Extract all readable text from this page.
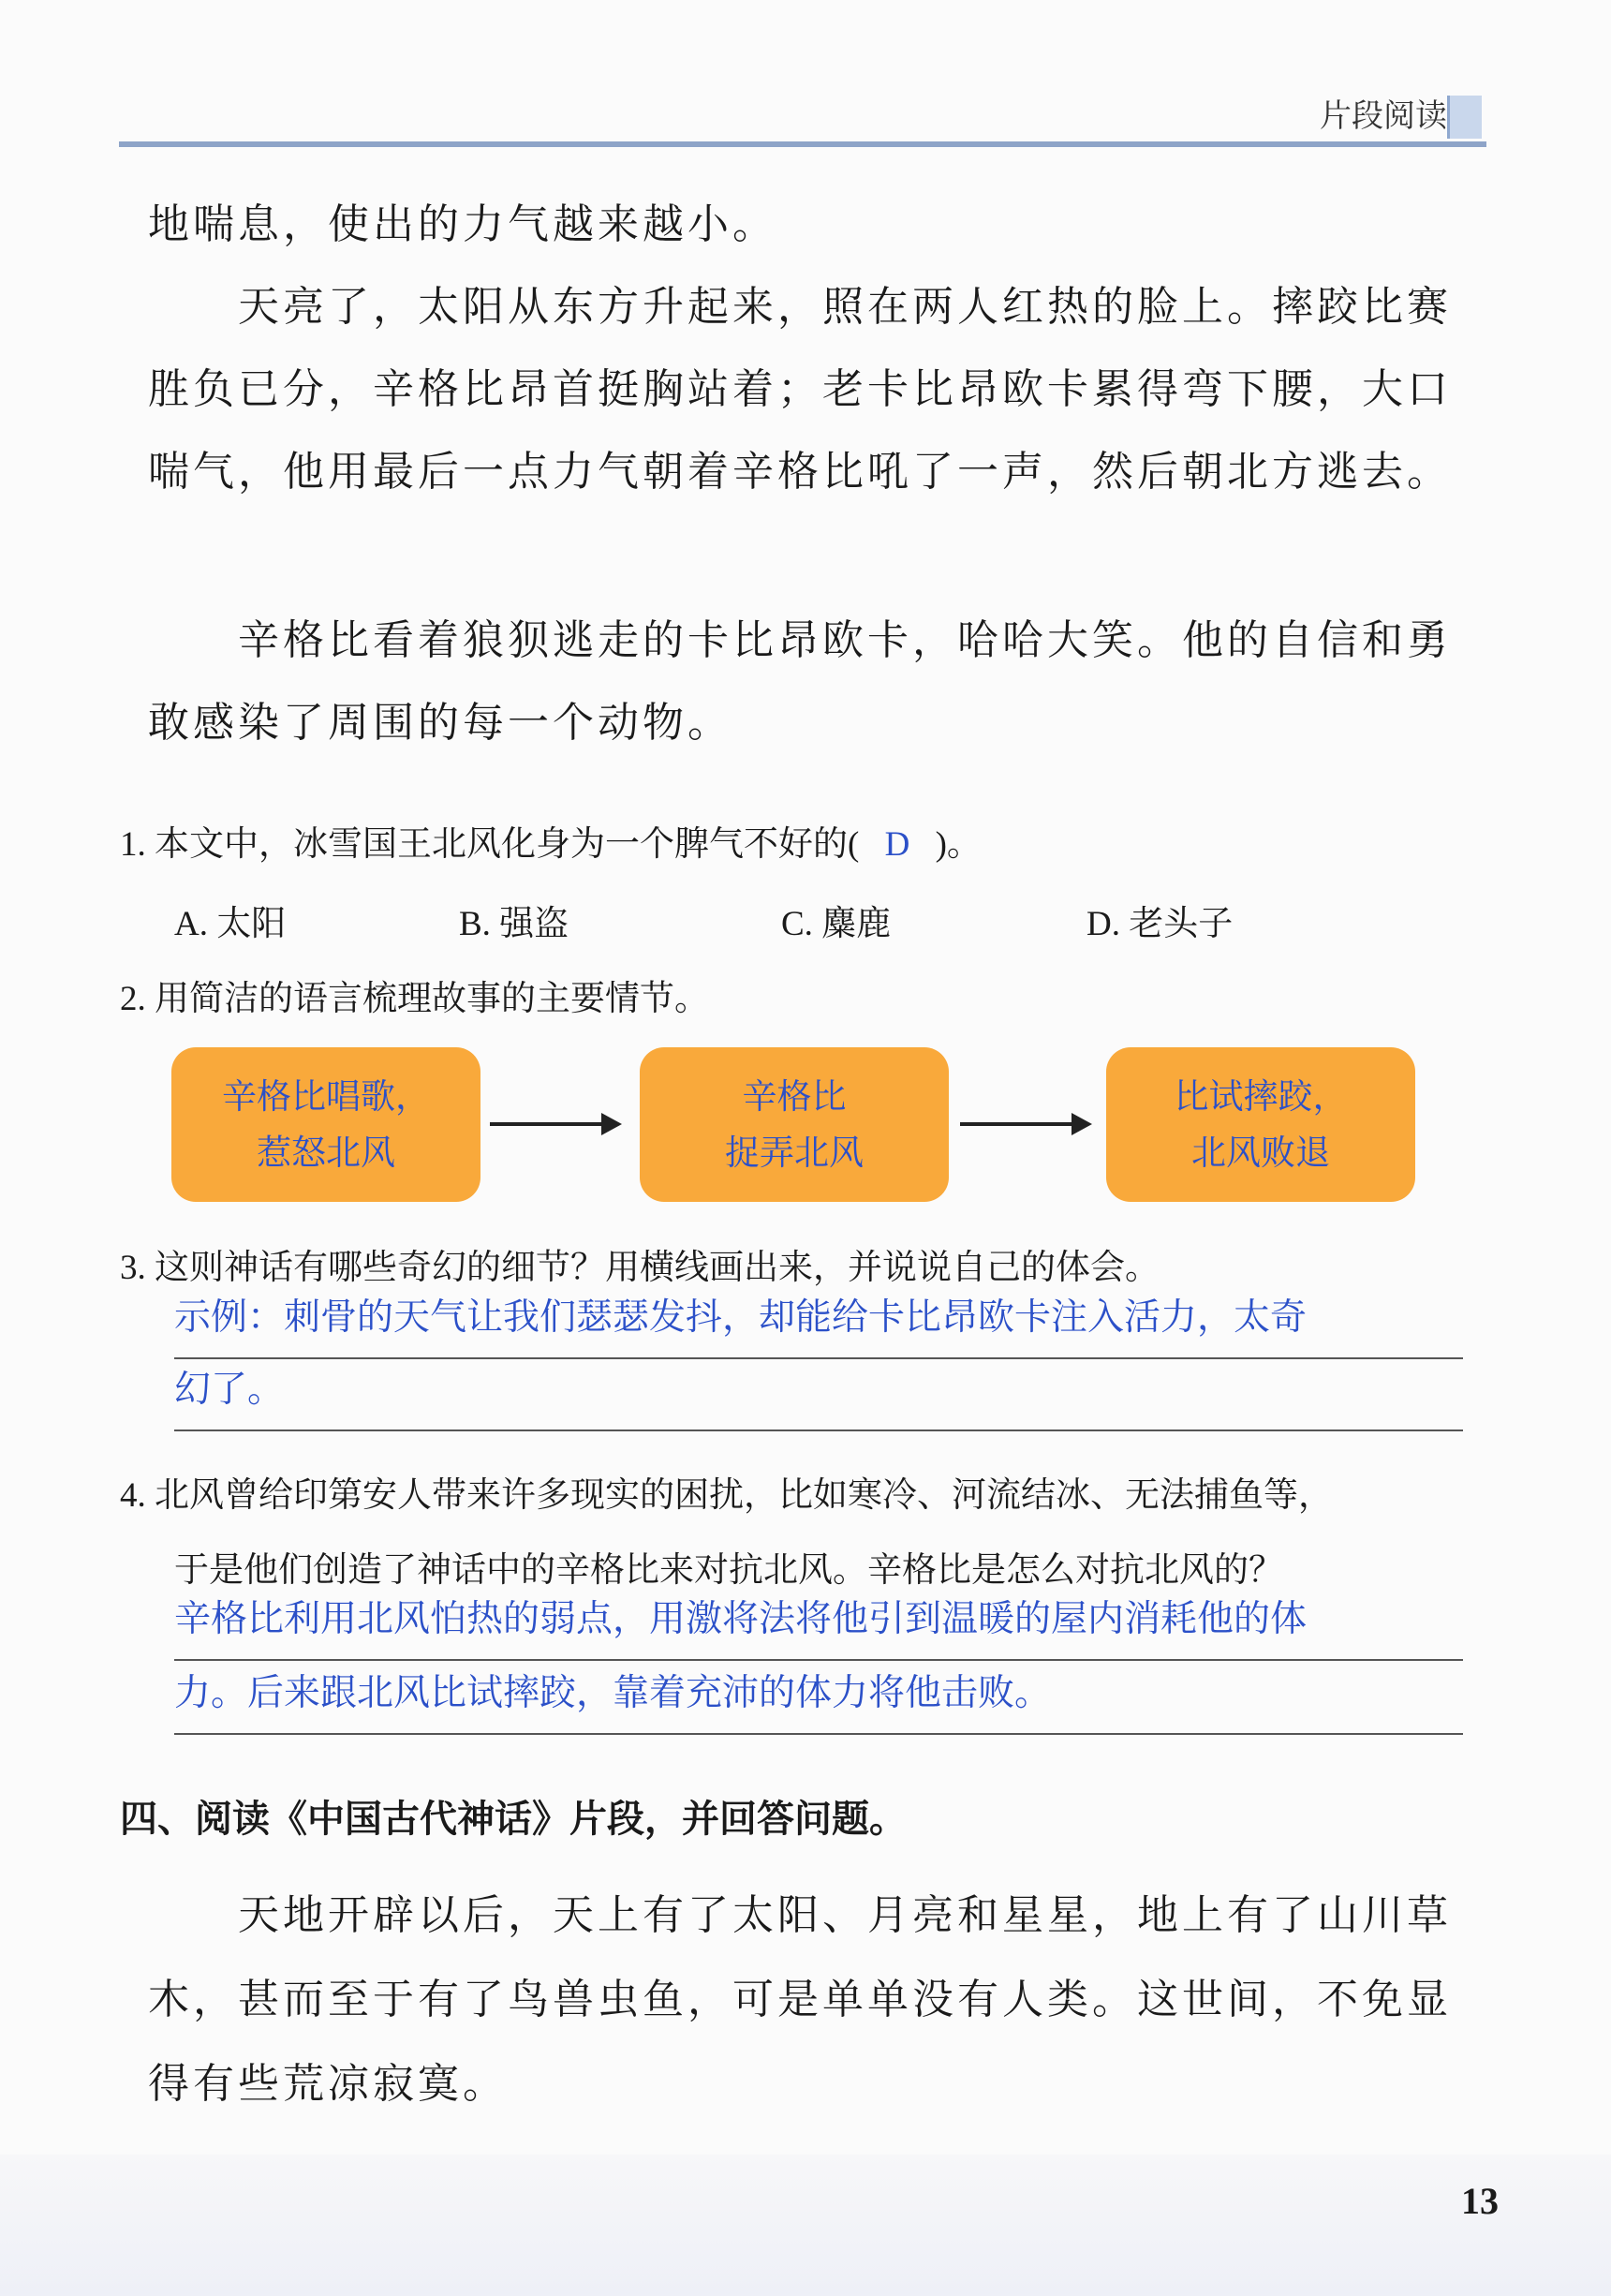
片段阅读
地喘息，使出的力气越来越小。
天亮了，太阳从东方升起来，照在两人红热的脸上。摔跤比赛胜负已分，辛格比昂首挺胸站着；老卡比昂欧卡累得弯下腰，大口喘气，他用最后一点力气朝着辛格比吼了一声，然后朝北方逃去。
辛格比看着狼狈逃走的卡比昂欧卡，哈哈大笑。他的自信和勇敢感染了周围的每一个动物。
1. 本文中，冰雪国王北风化身为一个脾气不好的( D )。
A. 太阳	B. 强盗	C. 麋鹿	D. 老头子
2. 用简洁的语言梳理故事的主要情节。
辛格比唱歌，
惹怒北风
辛格比
捉弄北风
比试摔跤，
北风败退
3. 这则神话有哪些奇幻的细节？用横线画出来，并说说自己的体会。
示例：刺骨的天气让我们瑟瑟发抖，却能给卡比昂欧卡注入活力，太奇
幻了。
4. 北风曾给印第安人带来许多现实的困扰，比如寒冷、河流结冰、无法捕鱼等，
于是他们创造了神话中的辛格比来对抗北风。辛格比是怎么对抗北风的？
辛格比利用北风怕热的弱点，用激将法将他引到温暖的屋内消耗他的体
力。后来跟北风比试摔跤，靠着充沛的体力将他击败。
四、阅读《中国古代神话》片段，并回答问题。
天地开辟以后，天上有了太阳、月亮和星星，地上有了山川草木，甚而至于有了鸟兽虫鱼，可是单单没有人类。这世间，不免显得有些荒凉寂寞。
13
